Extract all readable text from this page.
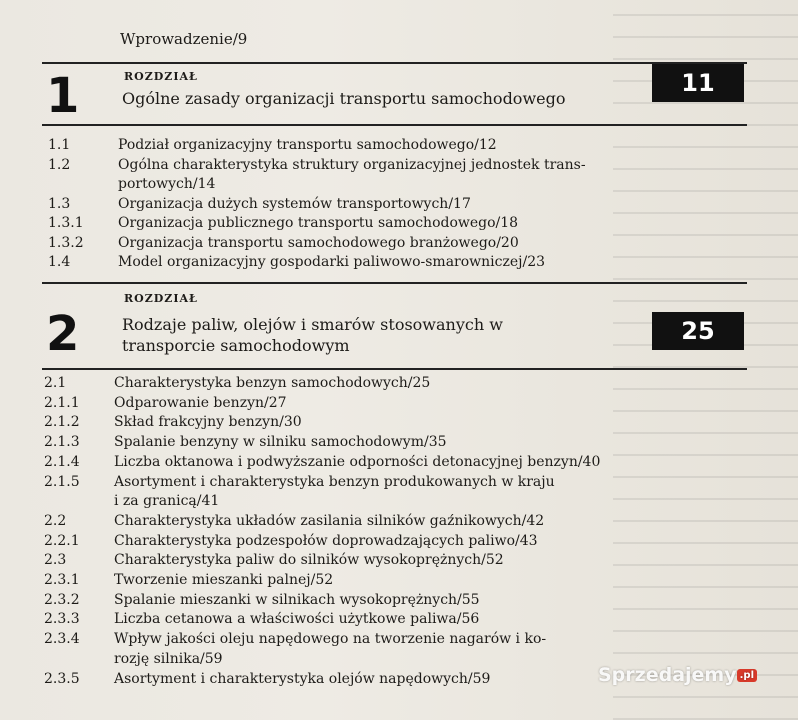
Wprowadzenie/9
1	ROZDZIAŁ
Ogólne zasady organizacji transportu samochodowego
11
1.1	Podział organizacyjny transportu samochodowego/12
1.2	Ogólna charakterystyka struktury organizacyjnej jednostek trans-
portowych/14
1.3	Organizacja dużych systemów transportowych/17
1.3.1 Organizacja publicznego transportu samochodowego/18
1.3.2 Organizacja transportu samochodowego branżowego/20
1.4	Model organizacyjny gospodarki paliwowo-smarowniczej/23
2
ROZDZIAŁ
Rodzaje paliw, olejów i smarów stosowanych w
transporcie samochodowym
25
2.1	Charakterystyka benzyn samochodowych/25
2.1.1 Odparowanie benzyn/27
2.1.2 Skład frakcyjny benzyn/30
2.1.3 Spalanie benzyny w silniku samochodowym/35
2.1.4 Liczba oktanowa i podwyższanie odporności detonacyjnej benzyn/40
2.1.5 Asortyment i charakterystyka benzyn produkowanych w kraju
i za granicą/41
2.2	Charakterystyka układów zasilania silników gaźnikowych/42
2.2.1 Charakterystyka podzespołów doprowadzających paliwo/43
2.3	Charakterystyka paliw do silników wysokoprężnych/52
2.3.1 Tworzenie mieszanki palnej/52
2.3.2 Spalanie mieszanki w silnikach wysokoprężnych/55
2.3.3 Liczba cetanowa a właściwości użytkowe paliwa/56
2.3.4 Wpływ jakości oleju napędowego na tworzenie nagarów i ko-
rozję silnika/59
2.3.5 Asortyment i charakterystyka olejów napędowych/59	Sprzedajemy .pl
